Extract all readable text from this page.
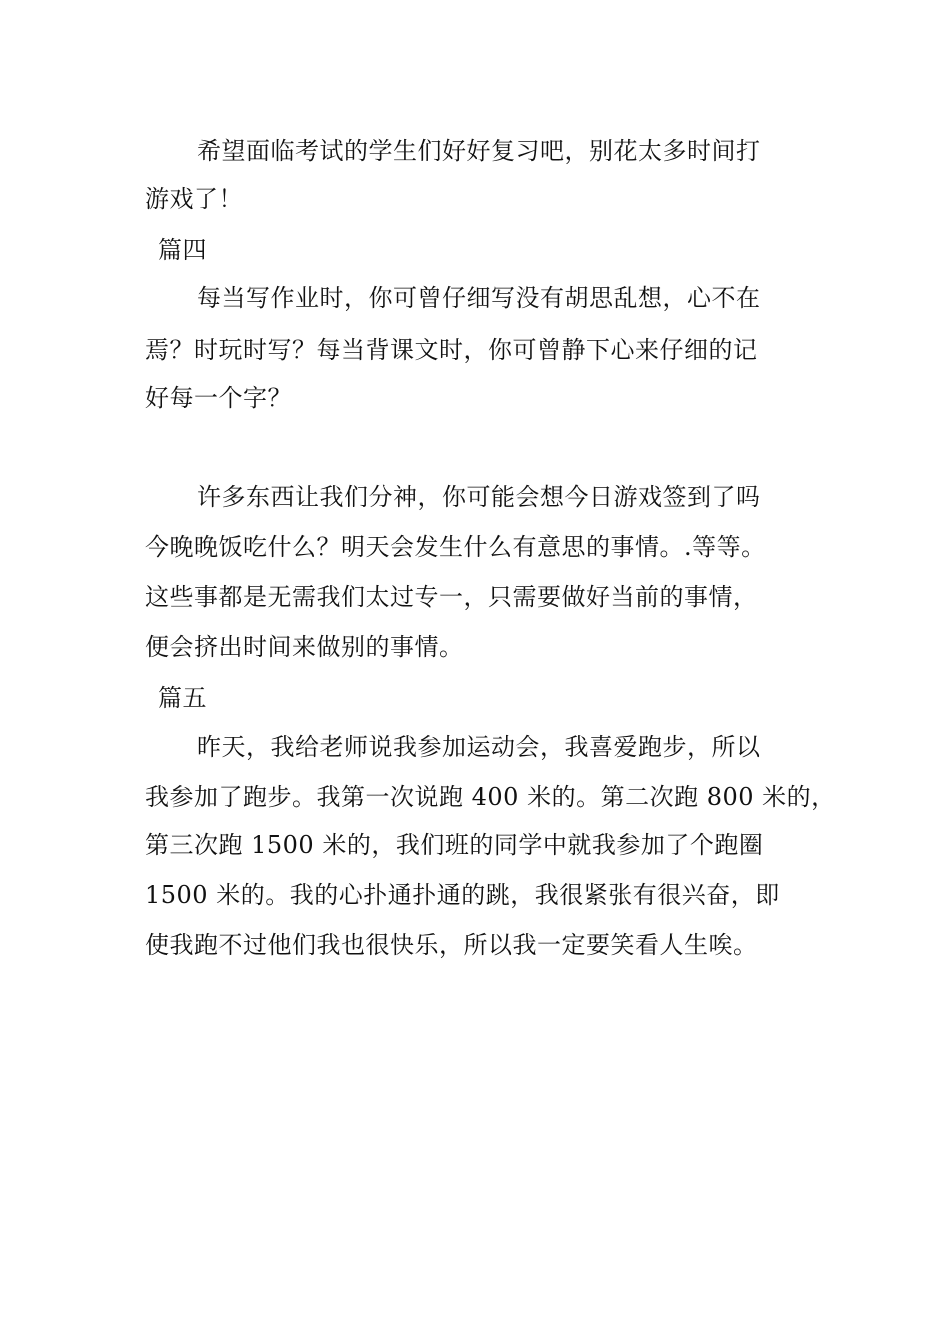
希望面临考试的学生们好好复习吧，别花太多时间打
游戏了！
篇四
每当写作业时，你可曾仔细写没有胡思乱想，心不在
焉？时玩时写？每当背课文时，你可曾静下心来仔细的记
好每一个字？
许多东西让我们分神，你可能会想今日游戏签到了吗
今晚晚饭吃什么？明天会发生什么有意思的事情。.等等。
这些事都是无需我们太过专一，只需要做好当前的事情，
便会挤出时间来做别的事情。
篇五
昨天，我给老师说我参加运动会，我喜爱跑步，所以
我参加了跑步。我第一次说跑 400 米的。第二次跑 800 米的，
第三次跑 1500 米的，我们班的同学中就我参加了个跑圈
1500 米的。我的心扑通扑通的跳，我很紧张有很兴奋，即
使我跑不过他们我也很快乐，所以我一定要笑看人生唉。
